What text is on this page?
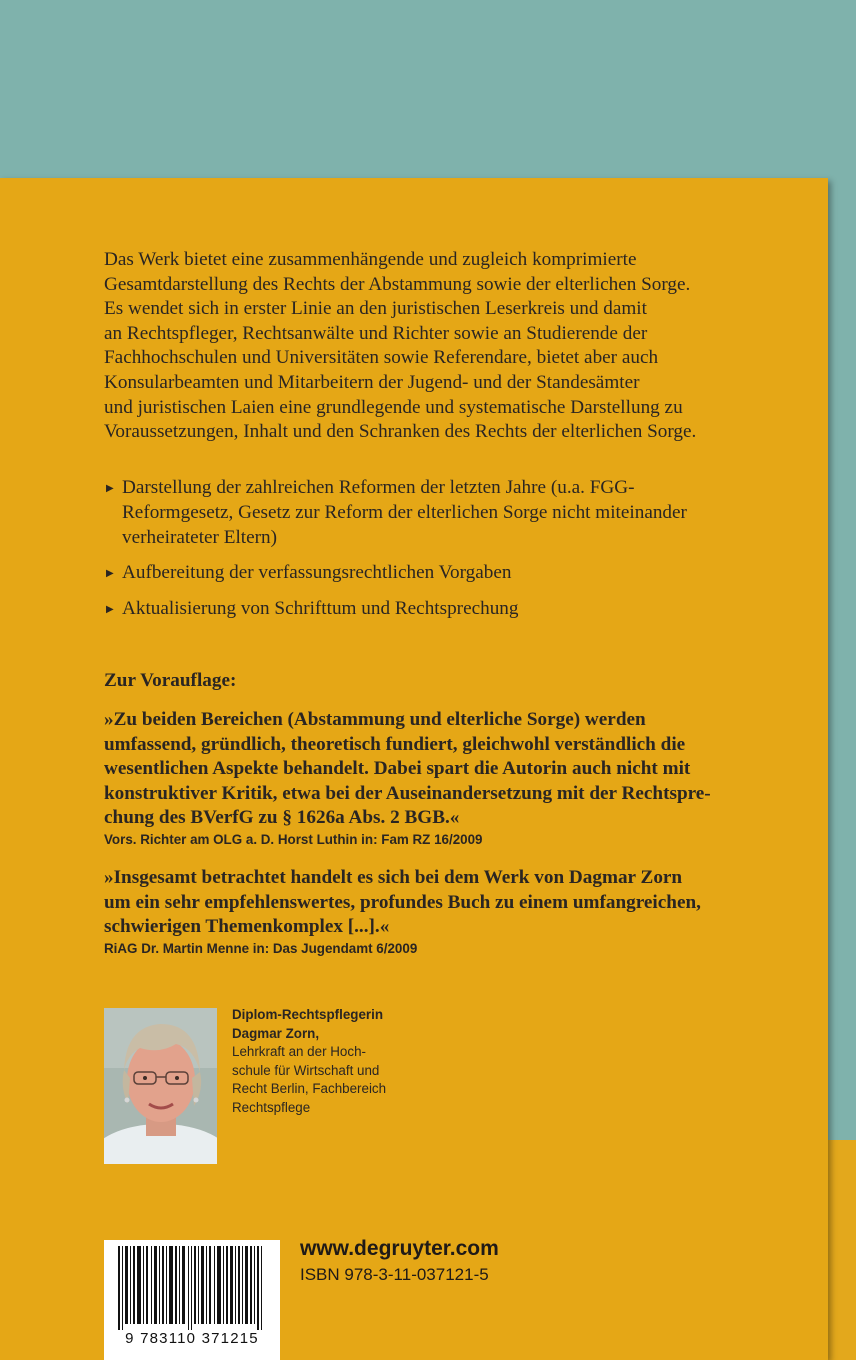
Das Werk bietet eine zusammenhängende und zugleich komprimierte

Gesamtdarstellung des Rechts der Abstammung sowie der elterlichen Sorge.

Es wendet sich in erster Linie an den juristischen Leserkreis und damit

an Rechtspfleger, Rechtsanwälte und Richter sowie an Studierende der

Fachhochschulen und Universitäten sowie Referendare, bietet aber auch

Konsularbeamten und Mitarbeitern der Jugend- und der Standesämter

und juristischen Laien eine grundlegende und systematische Darstellung zu

Voraussetzungen, Inhalt und den Schranken des Rechts der elterlichen Sorge.

▶ Darstellung der zahlreichen Reformen der letzten Jahre (u.a. FGG-
Reformgesetz, Gesetz zur Reform der elterlichen Sorge nicht miteinander
verheirateter Eltern)
▶ Aufbereitung der verfassungsrechtlichen Vorgaben
▶ Aktualisierung von Schrifttum und Rechtsprechung

Zur Vorauflage:

»Zu beiden Bereichen (Abstammung und elterliche Sorge) werden

umfassend, gründlich, theoretisch fundiert, gleichwohl verständlich die

wesentlichen Aspekte behandelt. Dabei spart die Autorin auch nicht mit

konstruktiver Kritik, etwa bei der Auseinandersetzung mit der Rechtspre-

chung des BVerfG zu § 1626a Abs. 2 BGB.«

Vors. Richter am OLG a. D. Horst Luthin in: Fam RZ 16/2009

»Insgesamt betrachtet handelt es sich bei dem Werk von Dagmar Zorn

um ein sehr empfehlenswertes, profundes Buch zu einem umfangreichen,

schwierigen Themenkomplex [...].«

RiAG Dr. Martin Menne in: Das Jugendamt 6/2009

Diplom-Rechtspflegerin

Dagmar Zorn,

Lehrkraft an der Hoch-

schule für Wirtschaft und

Recht Berlin, Fachbereich

Rechtspflege

9 783110 371215
www.degruyter.com
ISBN 978-3-11-037121-5
